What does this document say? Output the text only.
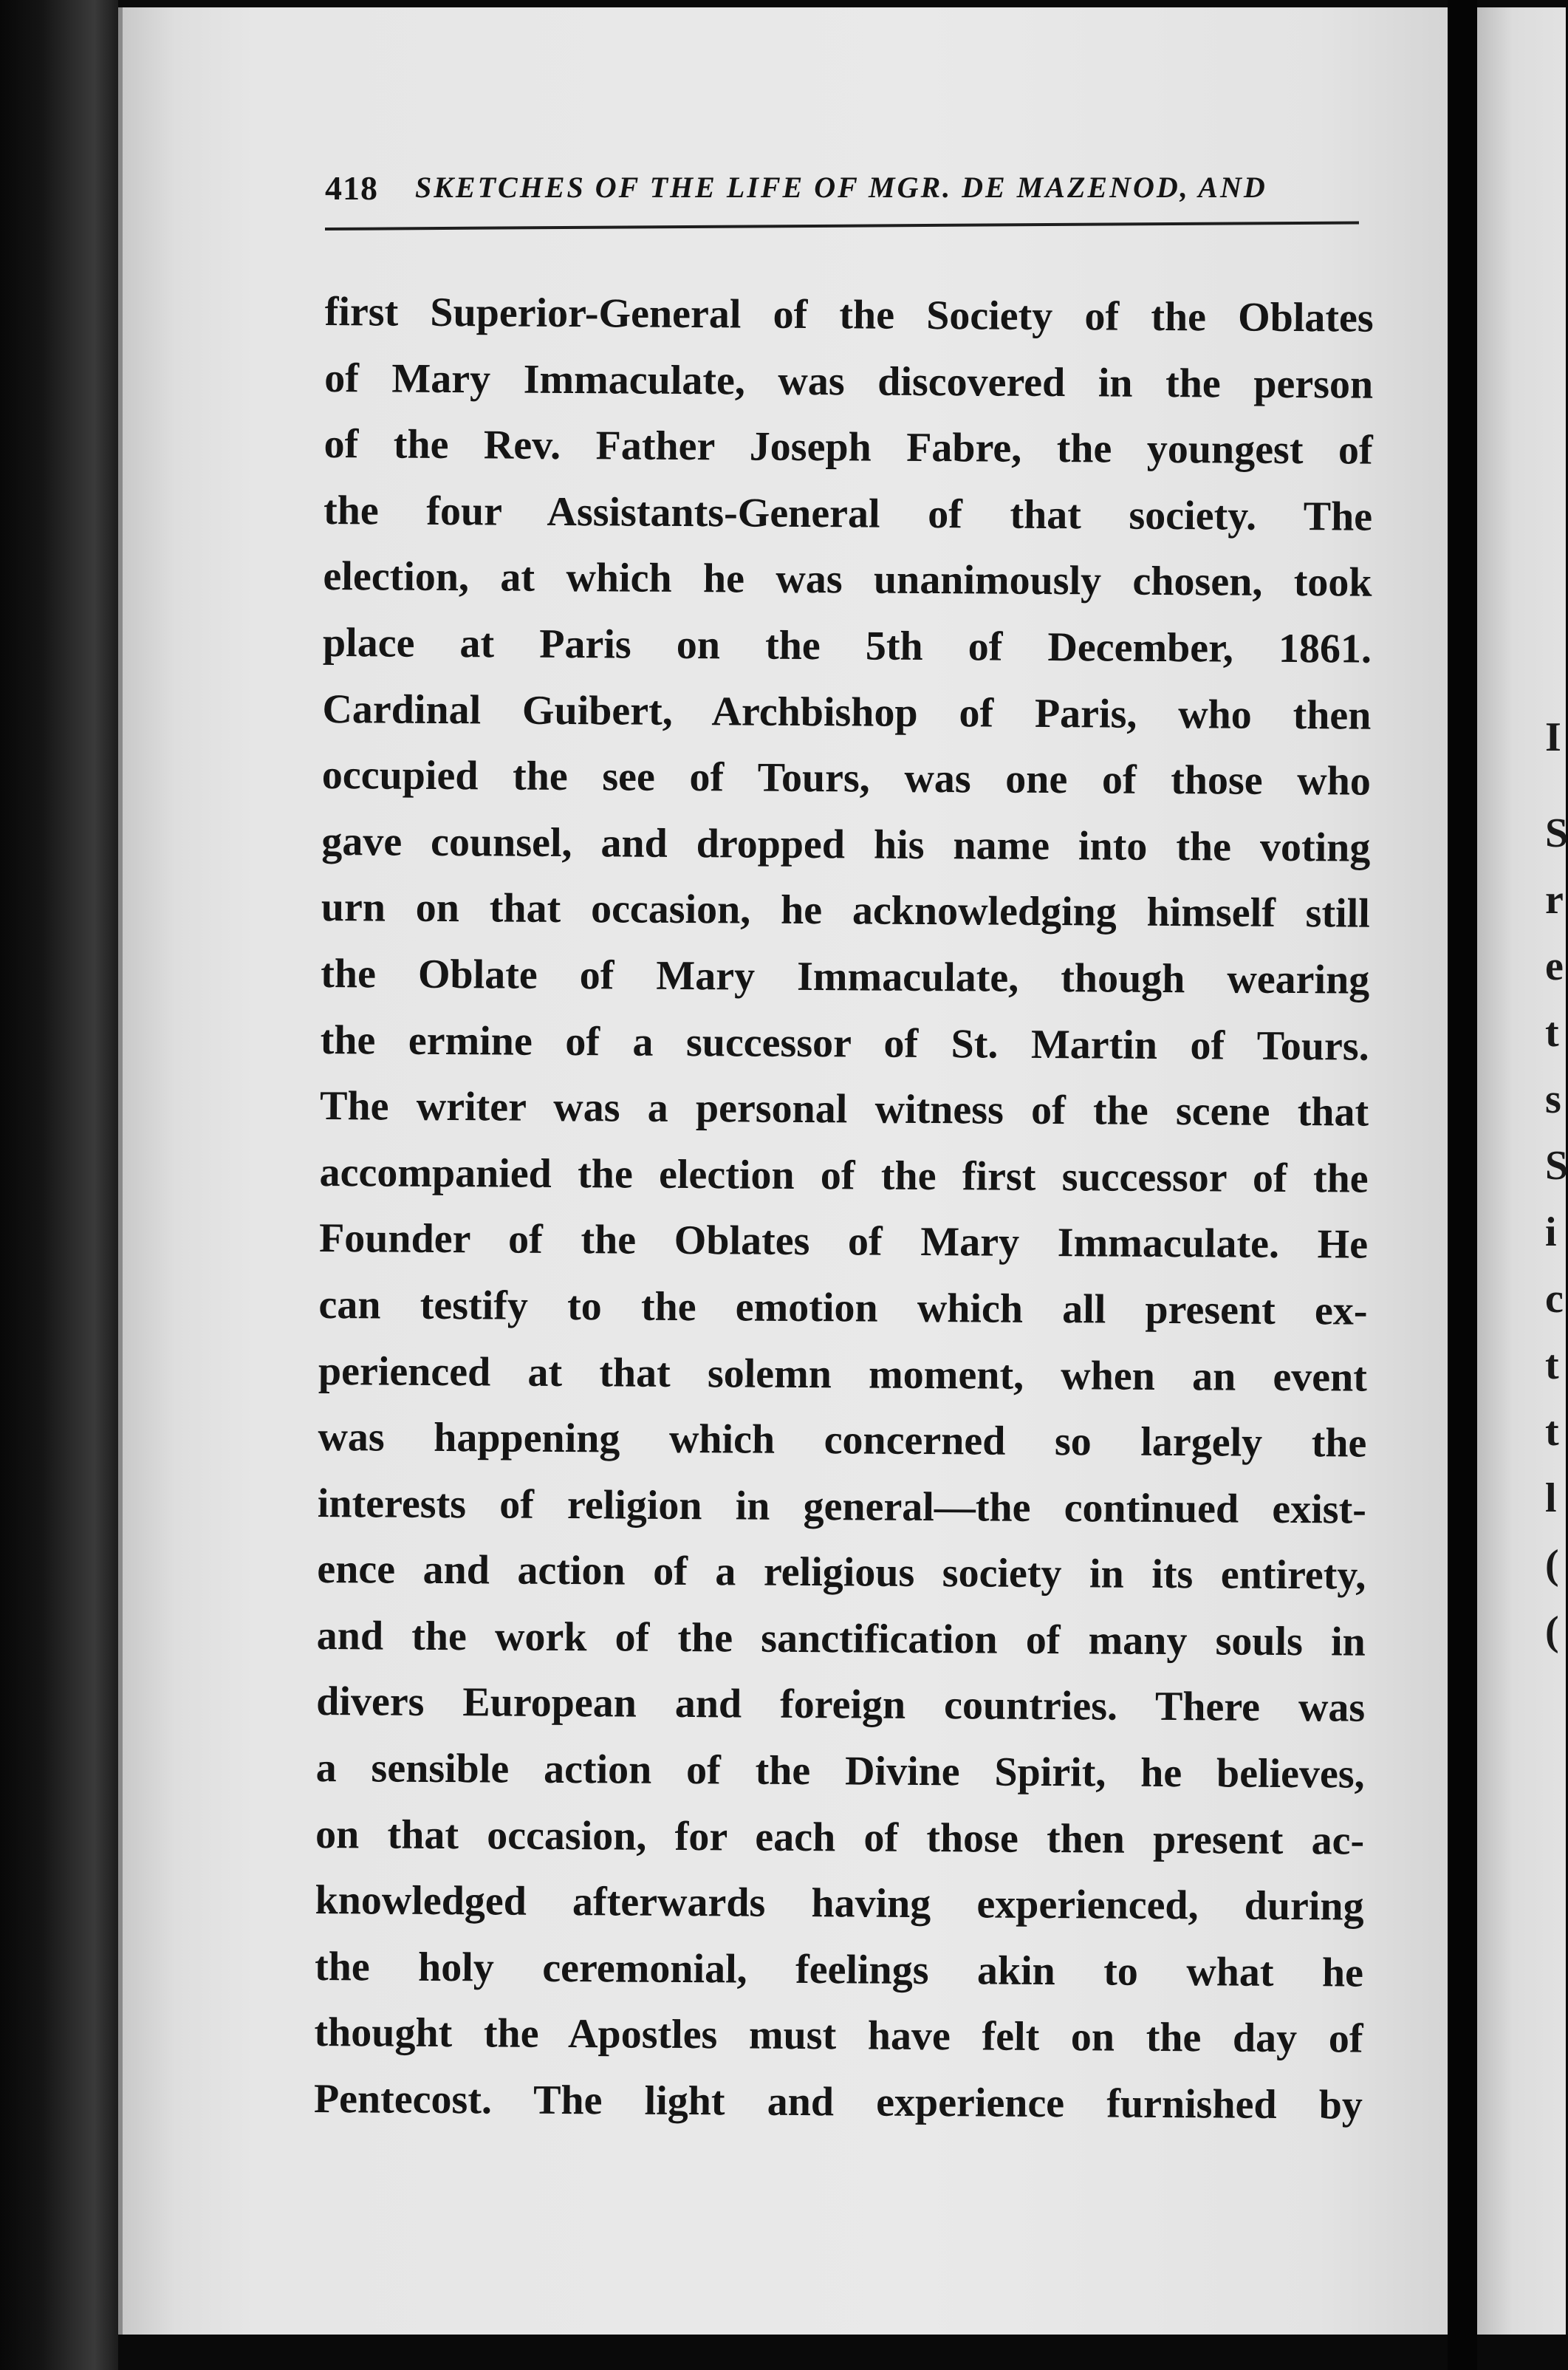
I
S
r
e
t
s
S
i
c
t
t
l
(
(
418 SKETCHES OF THE LIFE OF MGR. DE MAZENOD, AND
first Superior-General of the Society of the Oblates
of Mary Immaculate, was discovered in the person
of the Rev. Father Joseph Fabre, the youngest of
the four Assistants-General of that society. The
election, at which he was unanimously chosen, took
place at Paris on the 5th of December, 1861.
Cardinal Guibert, Archbishop of Paris, who then
occupied the see of Tours, was one of those who
gave counsel, and dropped his name into the voting
urn on that occasion, he acknowledging himself still
the Oblate of Mary Immaculate, though wearing
the ermine of a successor of St. Martin of Tours.
The writer was a personal witness of the scene that
accompanied the election of the first successor of the
Founder of the Oblates of Mary Immaculate. He
can testify to the emotion which all present ex-
perienced at that solemn moment, when an event
was happening which concerned so largely the
interests of religion in general—the continued exist-
ence and action of a religious society in its entirety,
and the work of the sanctification of many souls in
divers European and foreign countries. There was
a sensible action of the Divine Spirit, he believes,
on that occasion, for each of those then present ac-
knowledged afterwards having experienced, during
the holy ceremonial, feelings akin to what he
thought the Apostles must have felt on the day of
Pentecost. The light and experience furnished by
